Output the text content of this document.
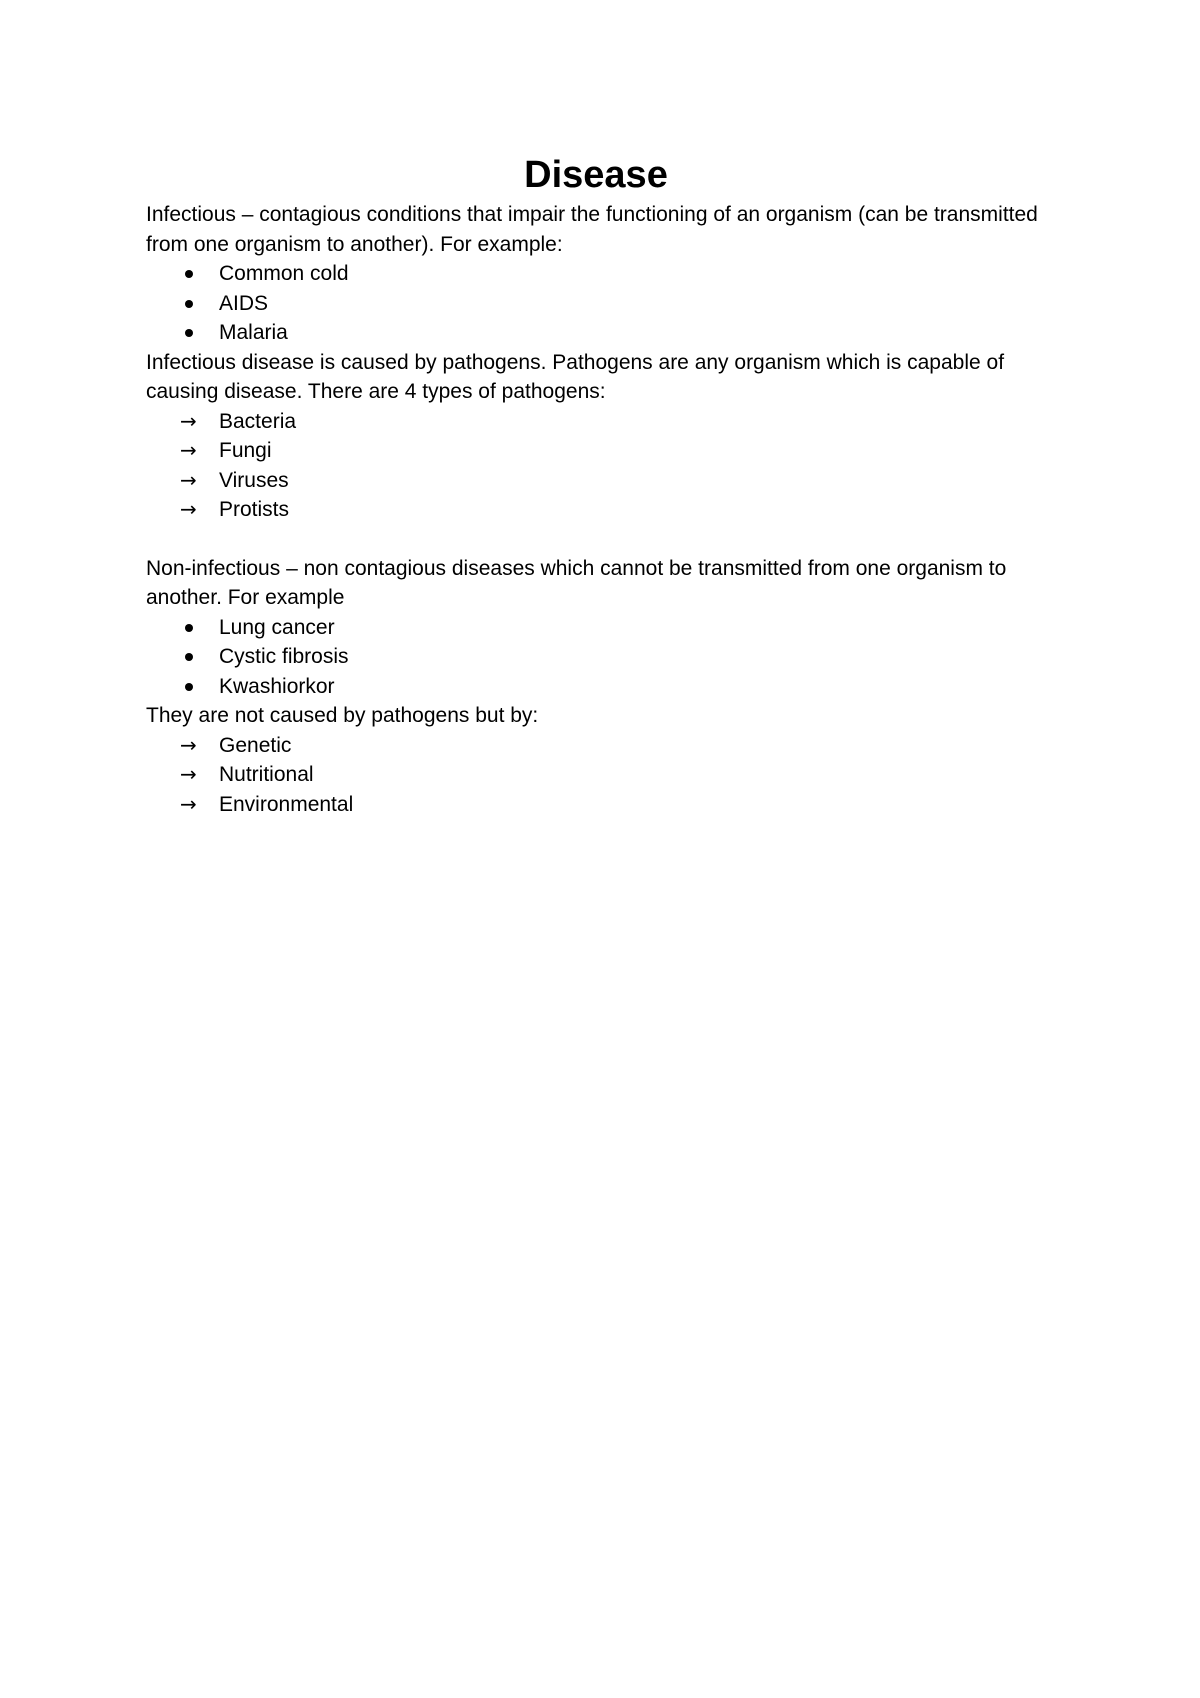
Disease

Infectious – contagious conditions that impair the functioning of an organism (can be transmitted from one organism to another). For example:

Common cold
AIDS
Malaria

Infectious disease is caused by pathogens. Pathogens are any organism which is capable of causing disease. There are 4 types of pathogens:

→ Bacteria
→ Fungi
→ Viruses
→ Protists

Non-infectious – non contagious diseases which cannot be transmitted from one organism to another. For example

Lung cancer
Cystic fibrosis
Kwashiorkor

They are not caused by pathogens but by:

→ Genetic
→ Nutritional
→ Environmental
